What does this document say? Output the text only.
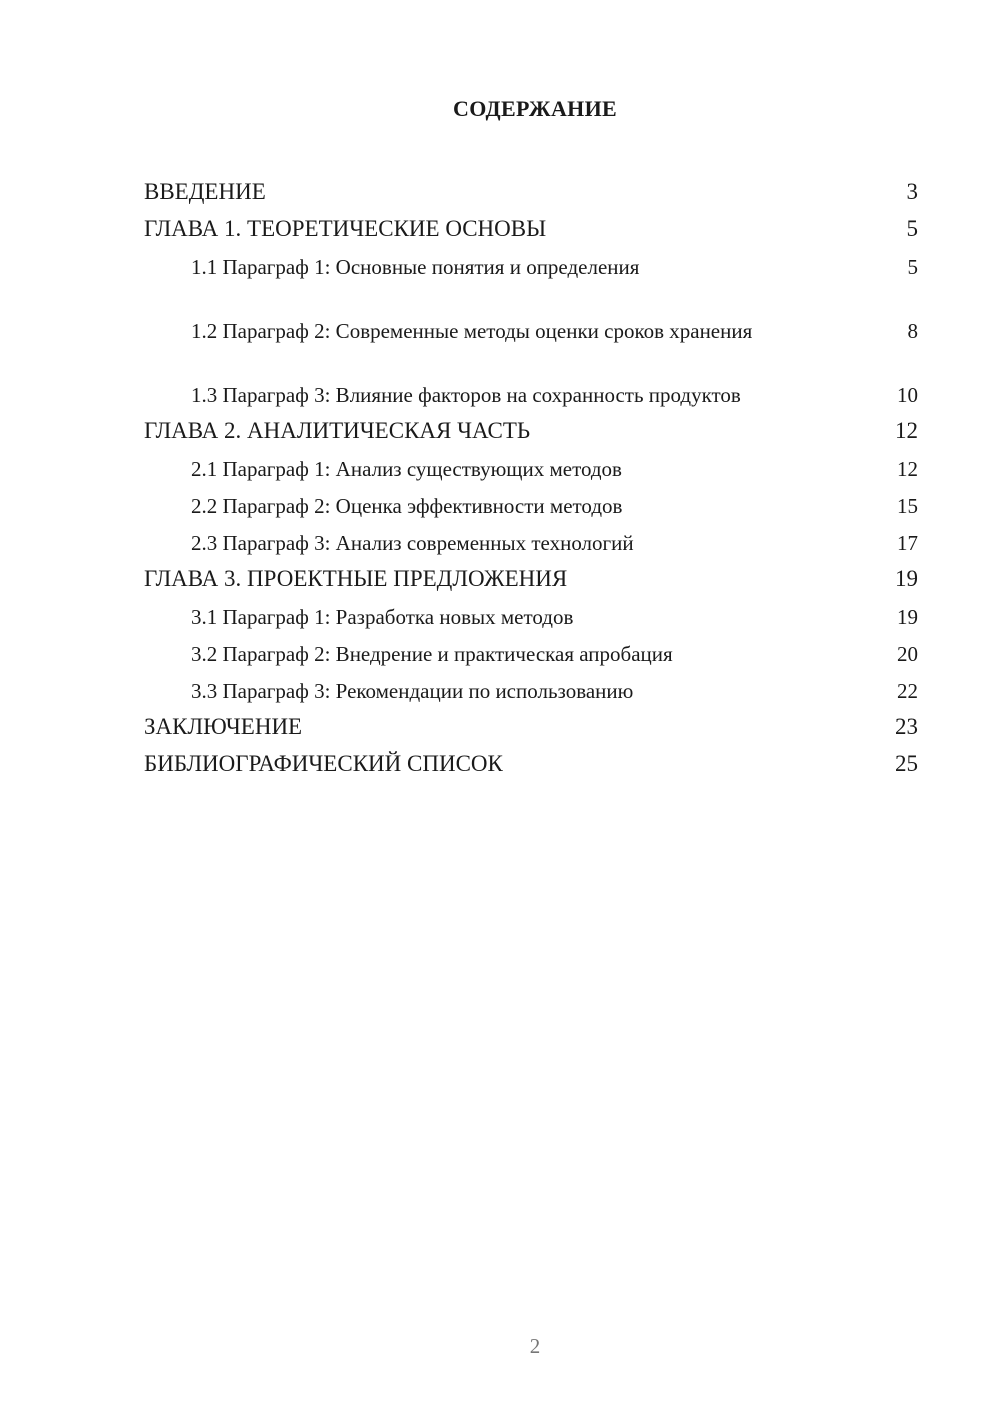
СОДЕРЖАНИЕ
ВВЕДЕНИЕ	3
ГЛАВА 1. ТЕОРЕТИЧЕСКИЕ ОСНОВЫ	5
1.1 Параграф 1: Основные понятия и определения	5
1.2 Параграф 2: Современные методы оценки сроков хранения	8
1.3 Параграф 3: Влияние факторов на сохранность продуктов	10
ГЛАВА 2. АНАЛИТИЧЕСКАЯ ЧАСТЬ	12
2.1 Параграф 1: Анализ существующих методов	12
2.2 Параграф 2: Оценка эффективности методов	15
2.3 Параграф 3: Анализ современных технологий	17
ГЛАВА 3. ПРОЕКТНЫЕ ПРЕДЛОЖЕНИЯ	19
3.1 Параграф 1: Разработка новых методов	19
3.2 Параграф 2: Внедрение и практическая апробация	20
3.3 Параграф 3: Рекомендации по использованию	22
ЗАКЛЮЧЕНИЕ	23
БИБЛИОГРАФИЧЕСКИЙ СПИСОК	25
2
